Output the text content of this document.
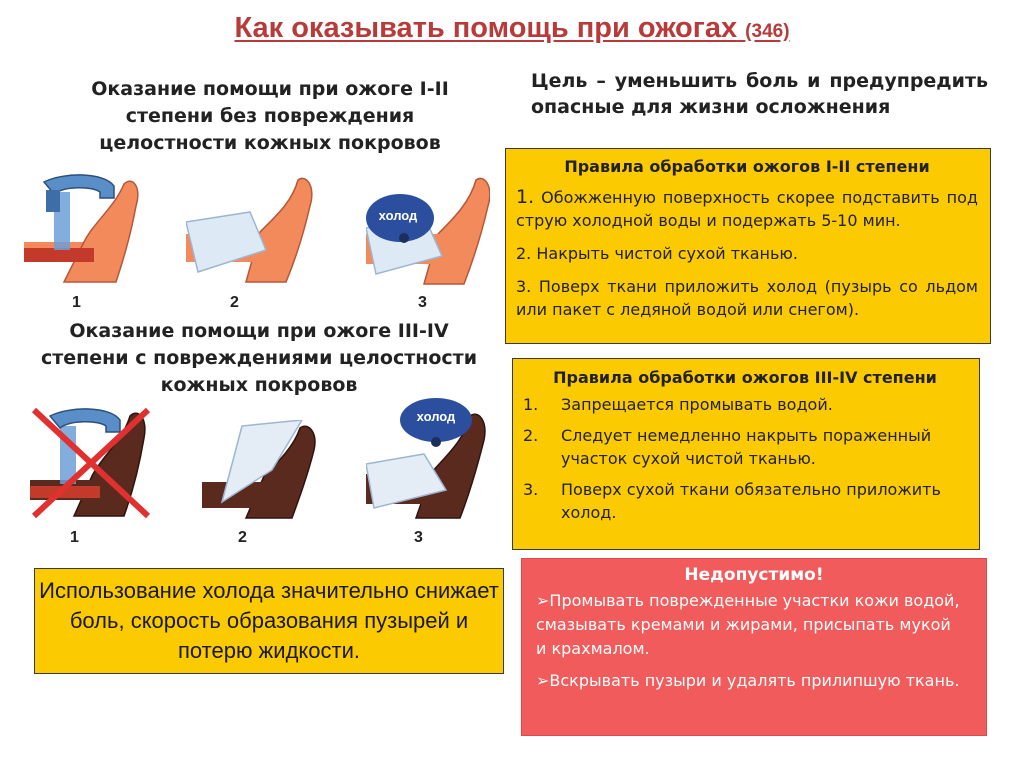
Как оказывать помощь при ожогах (346)
Оказание помощи при ожоге I-II степени без повреждения целостности кожных покровов
холод
1	2	3
Оказание помощи при ожоге III-IV степени с повреждениями целостности кожных покровов
холод
1	2	3
Использование холода значительно снижает боль, скорость образования пузырей и потерю жидкости.
Цель – уменьшить боль и предупредить опасные для жизни осложнения
Правила обработки ожогов I-II степени
1. Обожженную поверхность скорее подставить под струю холодной воды и подержать 5-10 мин.
2. Накрыть чистой сухой тканью.
3. Поверх ткани приложить холод (пузырь со льдом или пакет с ледяной водой или снегом).
Правила обработки ожогов III-IV степени
1.	Запрещается промывать водой.
2.	Следует немедленно накрыть пораженный участок сухой чистой тканью.
3.	Поверх сухой ткани обязательно приложить холод.
Недопустимо!

➢Промывать поврежденные участки кожи водой, смазывать кремами и жирами, присыпать мукой и крахмалом.

➢Вскрывать пузыри и удалять прилипшую ткань.
